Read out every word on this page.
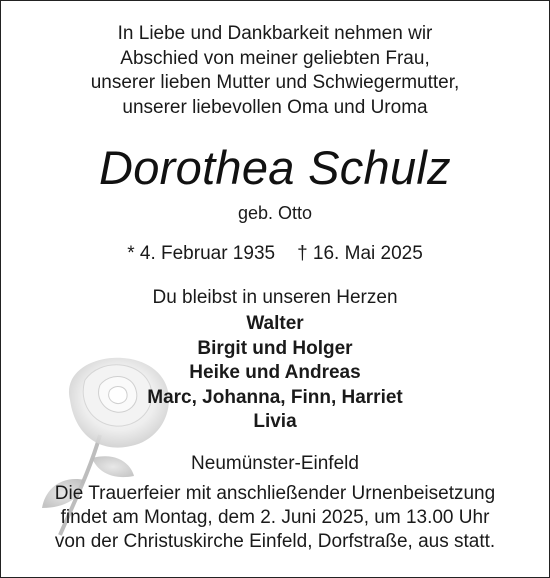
In Liebe und Dankbarkeit nehmen wir
Abschied von meiner geliebten Frau,
unserer lieben Mutter und Schwiegermutter,
unserer liebevollen Oma und Uroma
Dorothea Schulz
geb. Otto
* 4. Februar 1935 † 16. Mai 2025
Du bleibst in unseren Herzen
Walter
Birgit und Holger
Heike und Andreas
Marc, Johanna, Finn, Harriet
Livia
Neumünster-Einfeld
Die Trauerfeier mit anschließender Urnenbeisetzung
findet am Montag, dem 2. Juni 2025, um 13.00 Uhr
von der Christuskirche Einfeld, Dorfstraße, aus statt.
